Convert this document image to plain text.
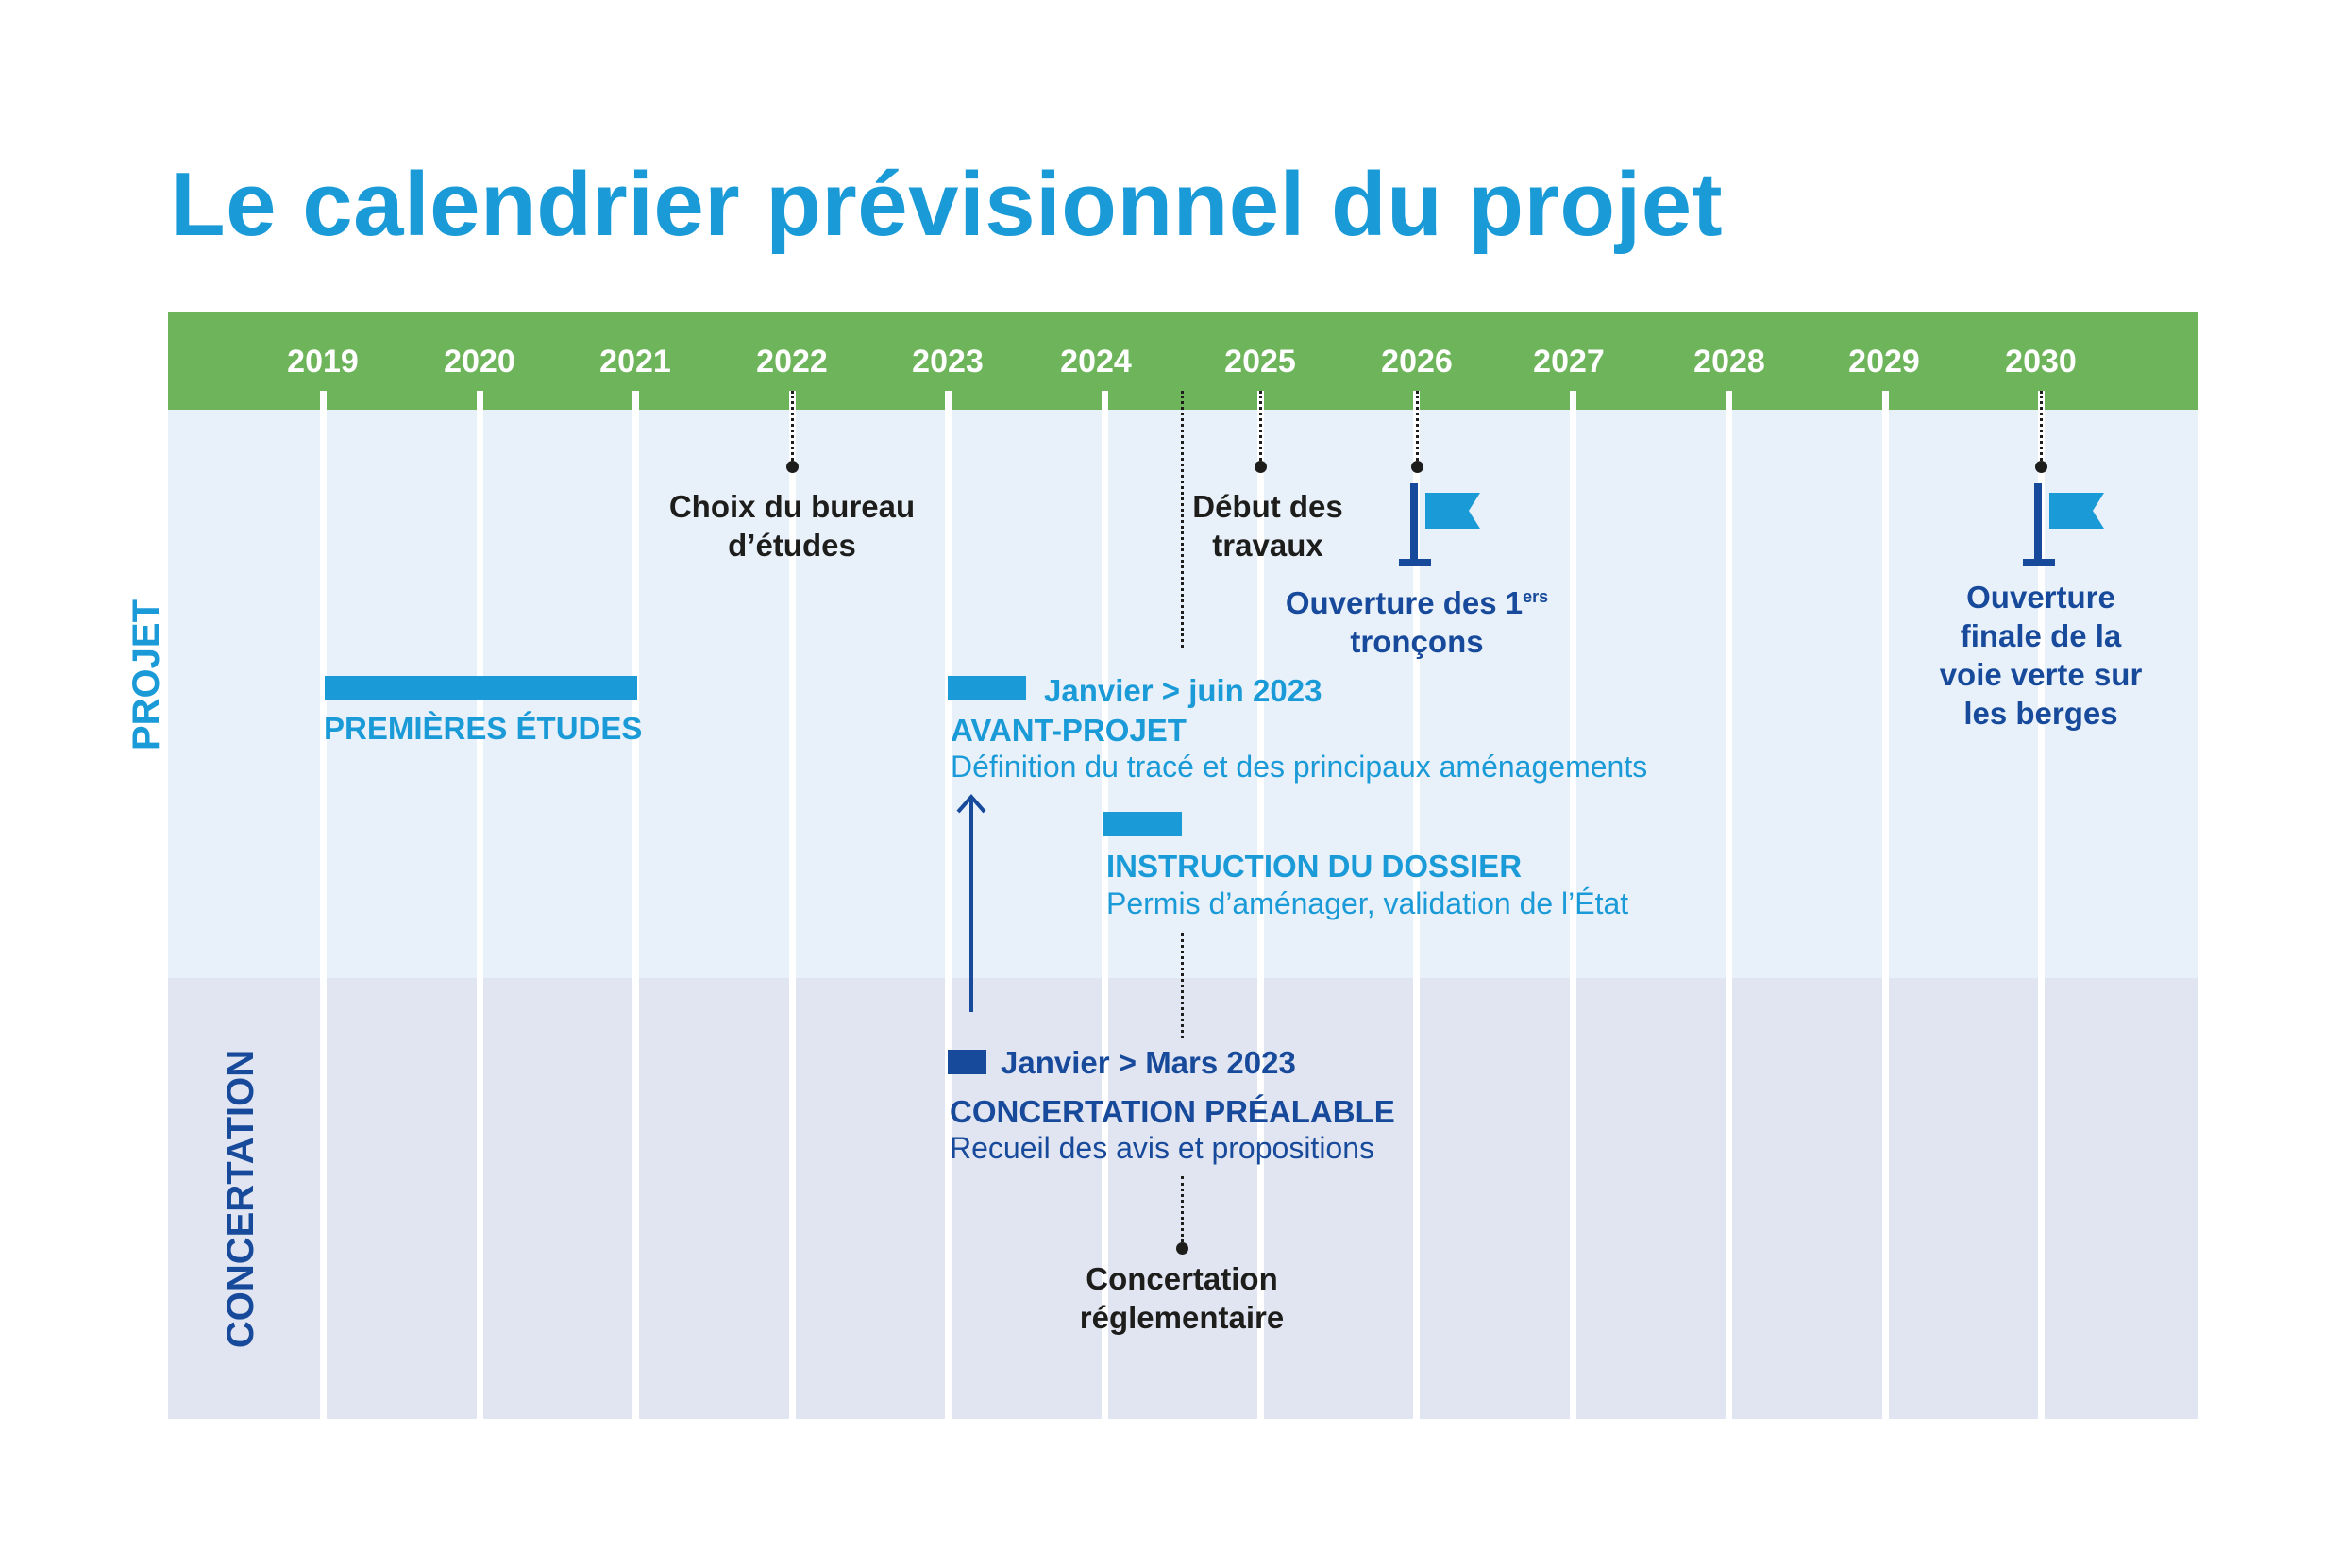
Le calendrier prévisionnel du projet
2019	2020	2021	2022	2023	2024	2025	2026	2027	2028	2029	2030
PROJET
CONCERTATION
Choix du bureau
d’études
Début des
travaux
Ouverture des 1ers
tronçons
Ouverture
finale de la
voie verte sur
les berges
PREMIÈRES ÉTUDES
Janvier > juin 2023
AVANT-PROJET
Définition du tracé et des principaux aménagements
INSTRUCTION DU DOSSIER
Permis d’aménager, validation de l’État
Janvier > Mars 2023
CONCERTATION PRÉALABLE
Recueil des avis et propositions
Concertation
réglementaire
